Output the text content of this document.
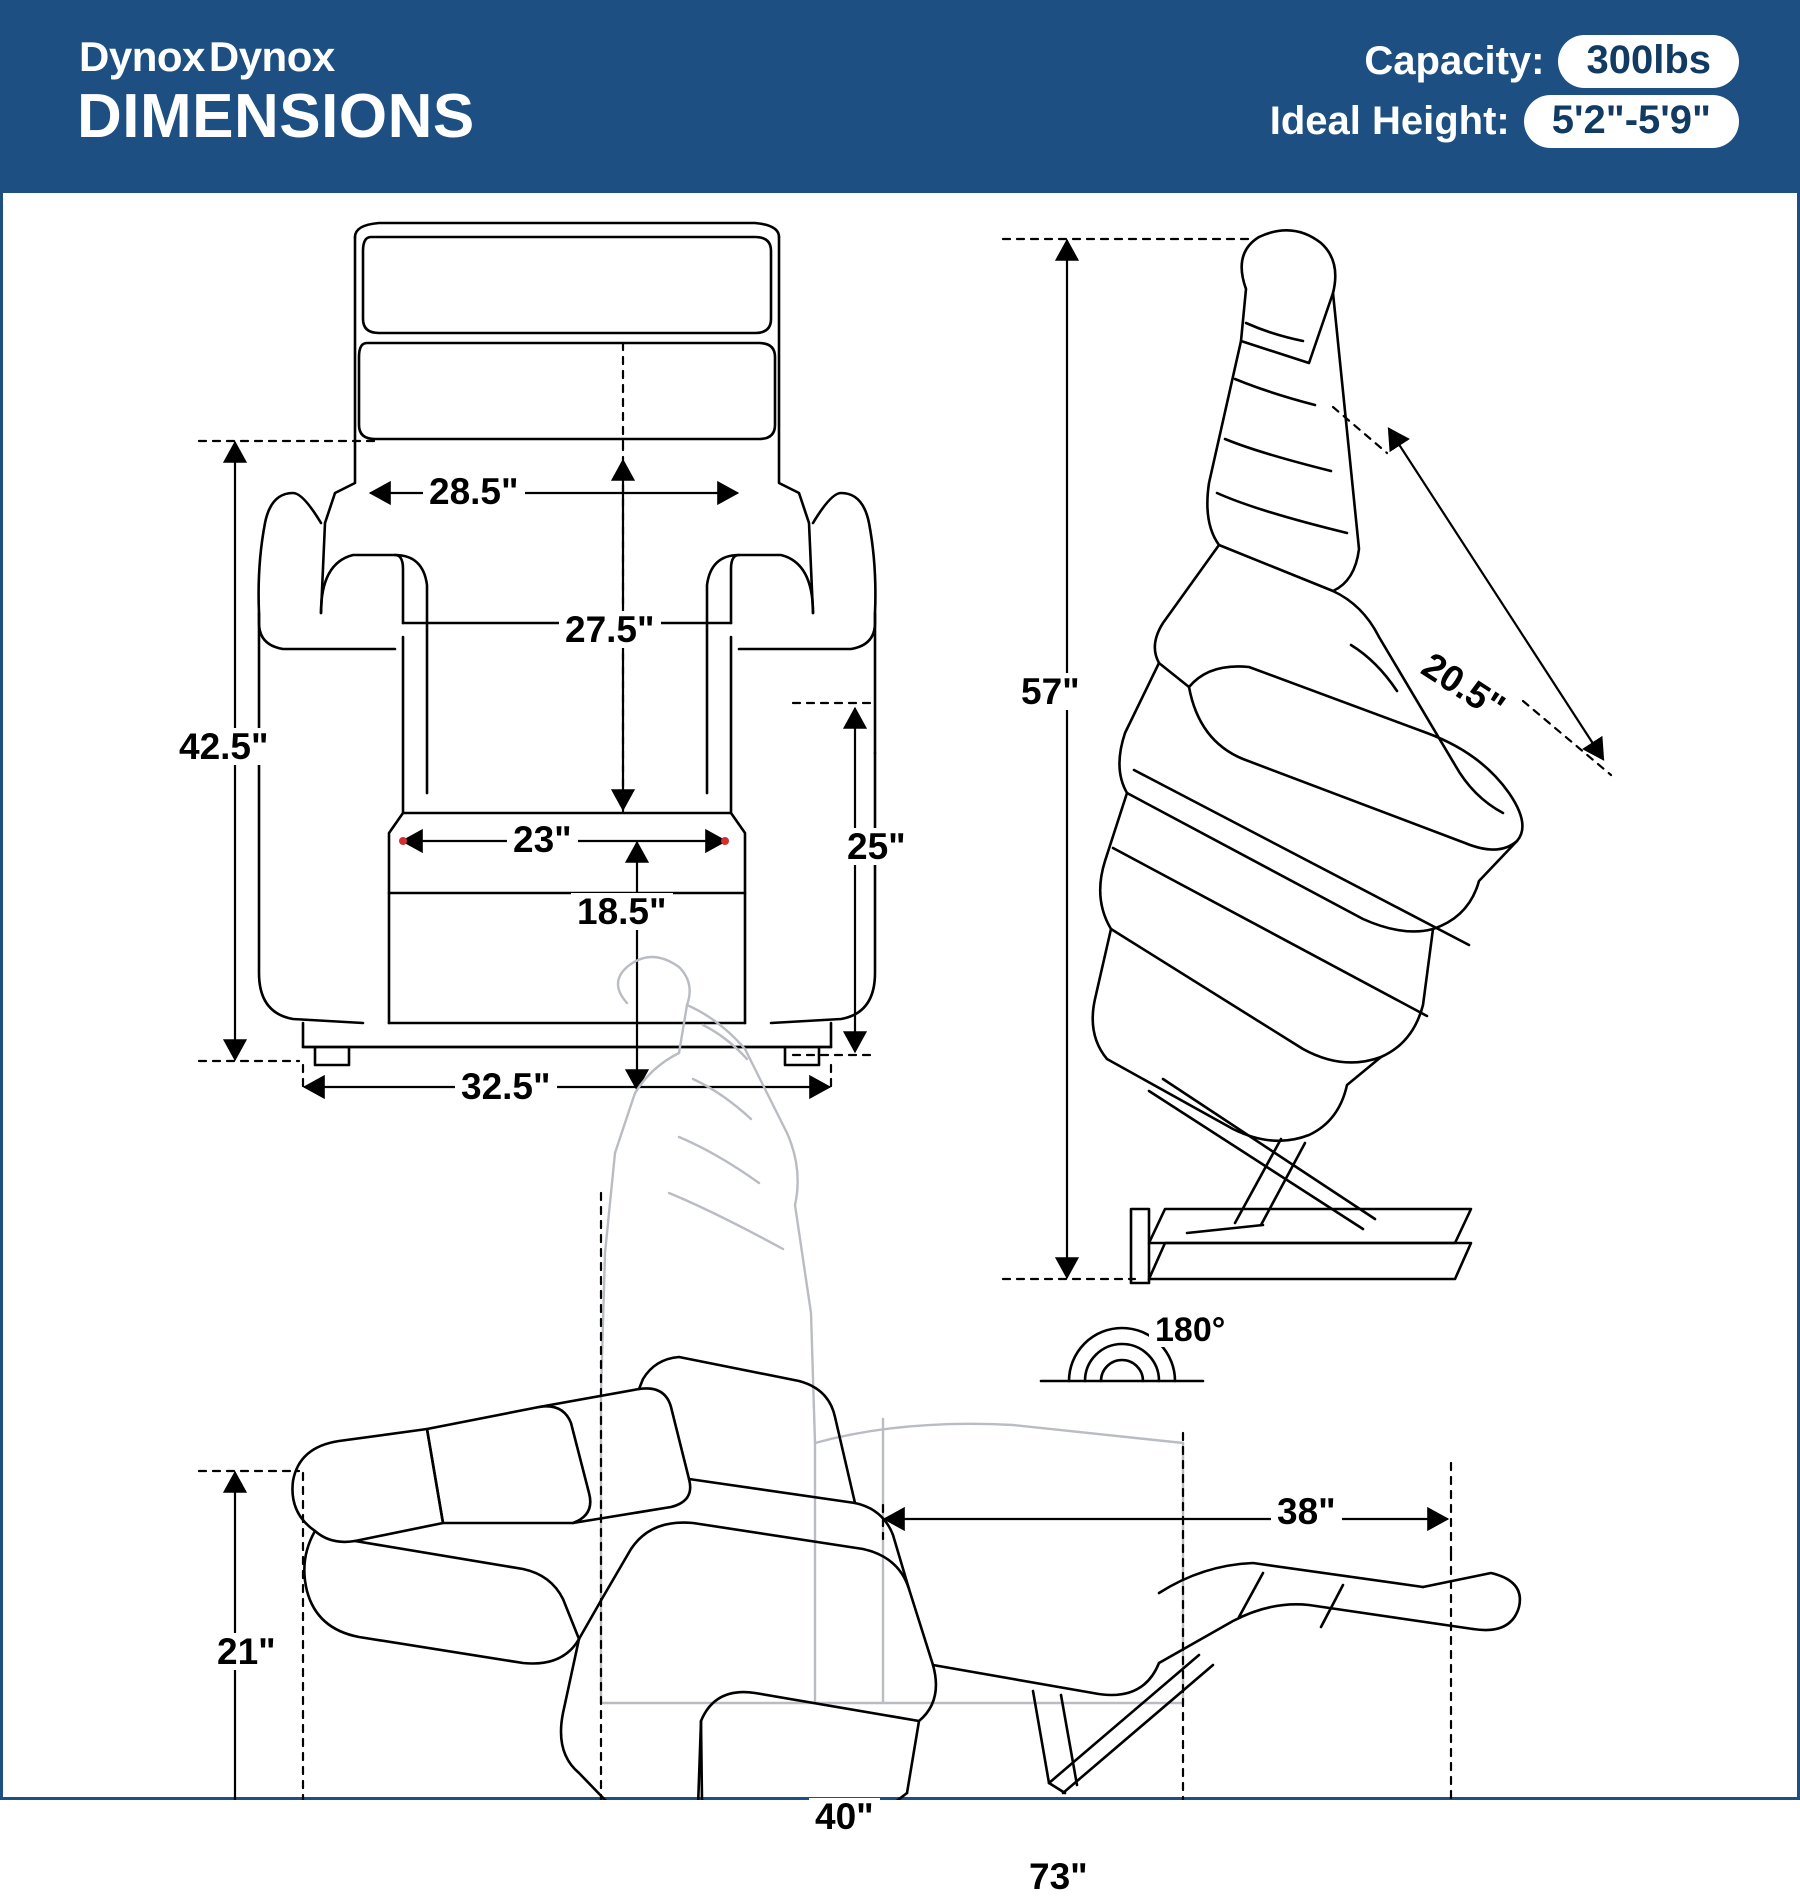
DynoxDynox
DIMENSIONS
Capacity:	300lbs
Ideal Height:	5'2"-5'9"
28.5"
27.5"
42.5"
23"
18.5"
25"
32.5"
57"	20.5"
180°
38"
21"
40"
73"
